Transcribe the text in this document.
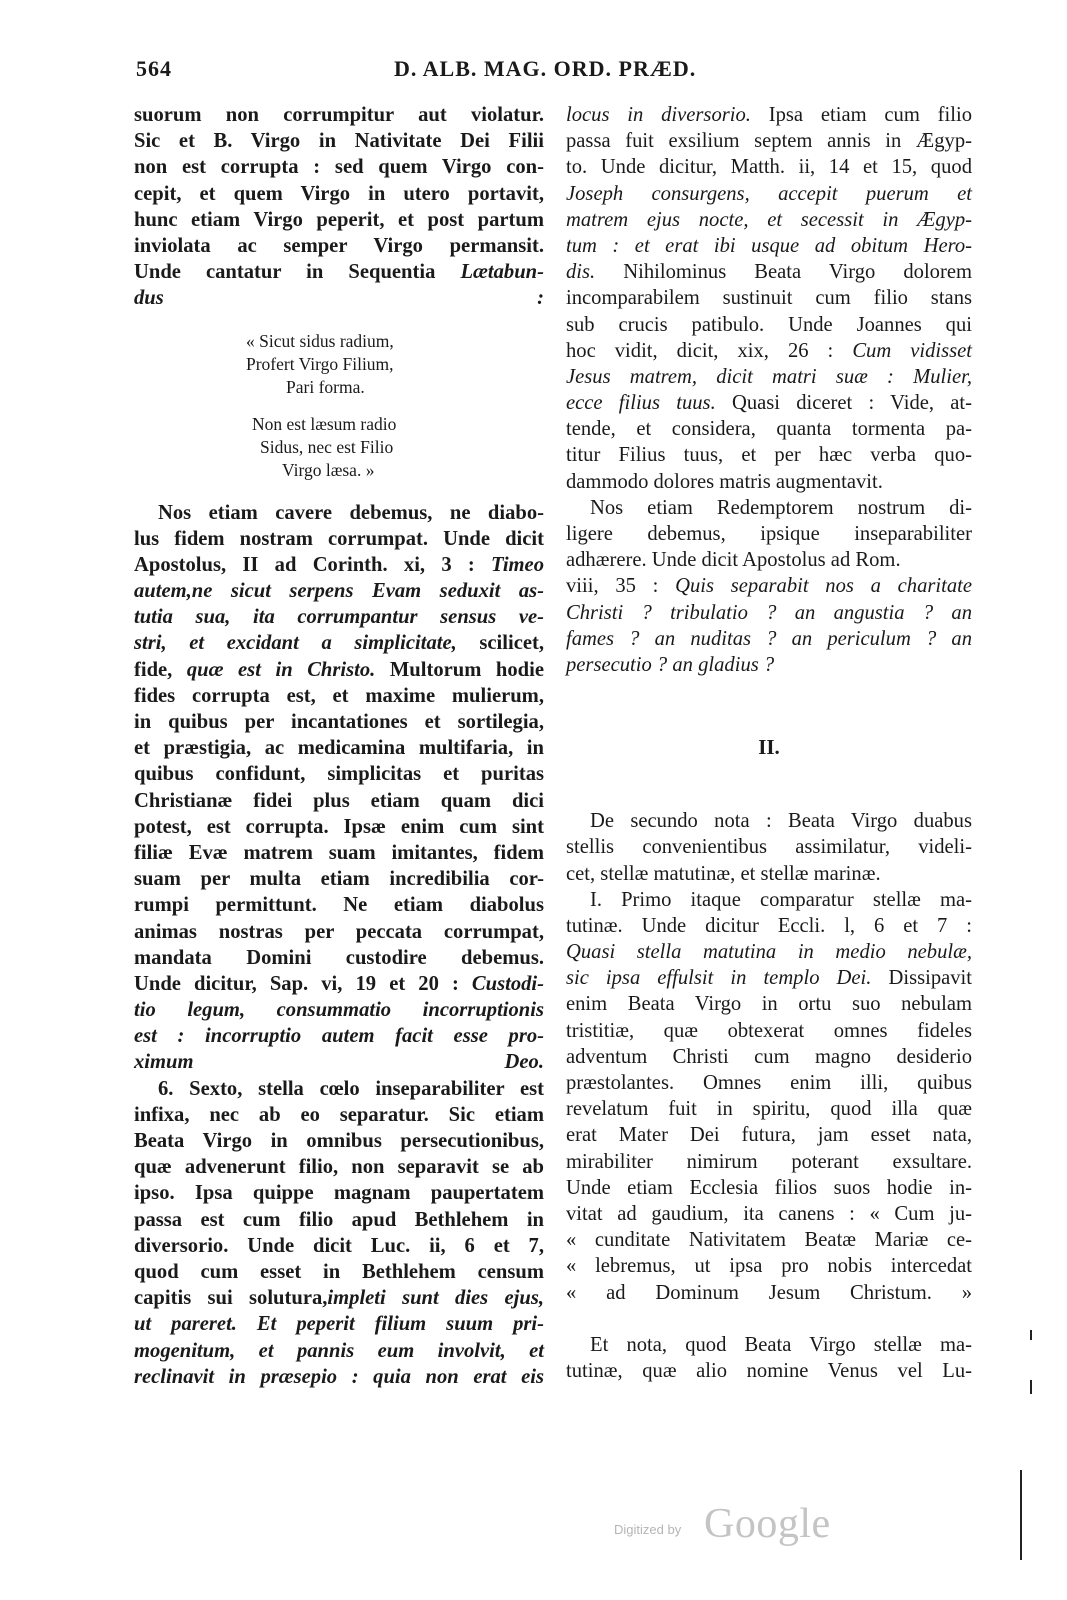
564	D. ALB. MAG. ORD. PRÆD.
suorum non corrumpitur aut violatur.
Sic et B. Virgo in Nativitate Dei Filii
non est corrupta : sed quem Virgo con-
cepit, et quem Virgo in utero portavit,
hunc etiam Virgo peperit, et post partum
inviolata ac semper Virgo permansit.
Unde cantatur in Sequentia Lætabun-
dus :
« Sicut sidus radium,
Profert Virgo Filium,
Pari forma.
Non est læsum radio
Sidus, nec est Filio
Virgo læsa. »
Nos etiam cavere debemus, ne diabo-
lus fidem nostram corrumpat. Unde dicit
Apostolus, II ad Corinth. xi, 3 : Timeo
autem,ne sicut serpens Evam seduxit as-
tutia sua, ita corrumpantur sensus ve-
stri, et excidant a simplicitate, scilicet,
fide, quæ est in Christo. Multorum hodie
fides corrupta est, et maxime mulierum,
in quibus per incantationes et sortilegia,
et præstigia, ac medicamina multifaria, in
quibus confidunt, simplicitas et puritas
Christianæ fidei plus etiam quam dici
potest, est corrupta. Ipsæ enim cum sint
filiæ Evæ matrem suam imitantes, fidem
suam per multa etiam incredibilia cor-
rumpi permittunt. Ne etiam diabolus
animas nostras per peccata corrumpat,
mandata Domini custodire debemus.
Unde dicitur, Sap. vi, 19 et 20 : Custodi-
tio legum, consummatio incorruptionis
est : incorruptio autem facit esse pro-
ximum Deo.
6. Sexto, stella cœlo inseparabiliter est
infixa, nec ab eo separatur. Sic etiam
Beata Virgo in omnibus persecutionibus,
quæ advenerunt filio, non separavit se ab
ipso. Ipsa quippe magnam paupertatem
passa est cum filio apud Bethlehem in
diversorio. Unde dicit Luc. ii, 6 et 7,
quod cum esset in Bethlehem censum
capitis sui solutura,impleti sunt dies ejus,
ut pareret. Et peperit filium suum pri-
mogenitum, et pannis eum involvit, et
reclinavit in præsepio : quia non erat eis
locus in diversorio. Ipsa etiam cum filio
passa fuit exsilium septem annis in Ægyp-
to. Unde dicitur, Matth. ii, 14 et 15, quod
Joseph consurgens, accepit puerum et
matrem ejus nocte, et secessit in Ægyp-
tum : et erat ibi usque ad obitum Hero-
dis. Nihilominus Beata Virgo dolorem
incomparabilem sustinuit cum filio stans
sub crucis patibulo. Unde Joannes qui
hoc vidit, dicit, xix, 26 : Cum vidisset
Jesus matrem, dicit matri suæ : Mulier,
ecce filius tuus. Quasi diceret : Vide, at-
tende, et considera, quanta tormenta pa-
titur Filius tuus, et per hæc verba quo-
dammodo dolores matris augmentavit.
Nos etiam Redemptorem nostrum di-
ligere debemus, ipsique inseparabiliter
adhærere. Unde dicit Apostolus ad Rom.
viii, 35 : Quis separabit nos a charitate
Christi ? tribulatio ? an angustia ? an
fames ? an nuditas ? an periculum ? an
persecutio ? an gladius ?
II.
De secundo nota : Beata Virgo duabus
stellis convenientibus assimilatur, videli-
cet, stellæ matutinæ, et stellæ marinæ.
I. Primo itaque comparatur stellæ ma-
tutinæ. Unde dicitur Eccli. l, 6 et 7 :
Quasi stella matutina in medio nebulæ,
sic ipsa effulsit in templo Dei. Dissipavit
enim Beata Virgo in ortu suo nebulam
tristitiæ, quæ obtexerat omnes fideles
adventum Christi cum magno desiderio
præstolantes. Omnes enim illi, quibus
revelatum fuit in spiritu, quod illa quæ
erat Mater Dei futura, jam esset nata,
mirabiliter nimirum poterant exsultare.
Unde etiam Ecclesia filios suos hodie in-
vitat ad gaudium, ita canens : « Cum ju-
« cunditate Nativitatem Beatæ Mariæ ce-
« lebremus, ut ipsa pro nobis intercedat
« ad Dominum Jesum Christum. »
Et nota, quod Beata Virgo stellæ ma-
tutinæ, quæ alio nomine Venus vel Lu-
Digitized by Google
